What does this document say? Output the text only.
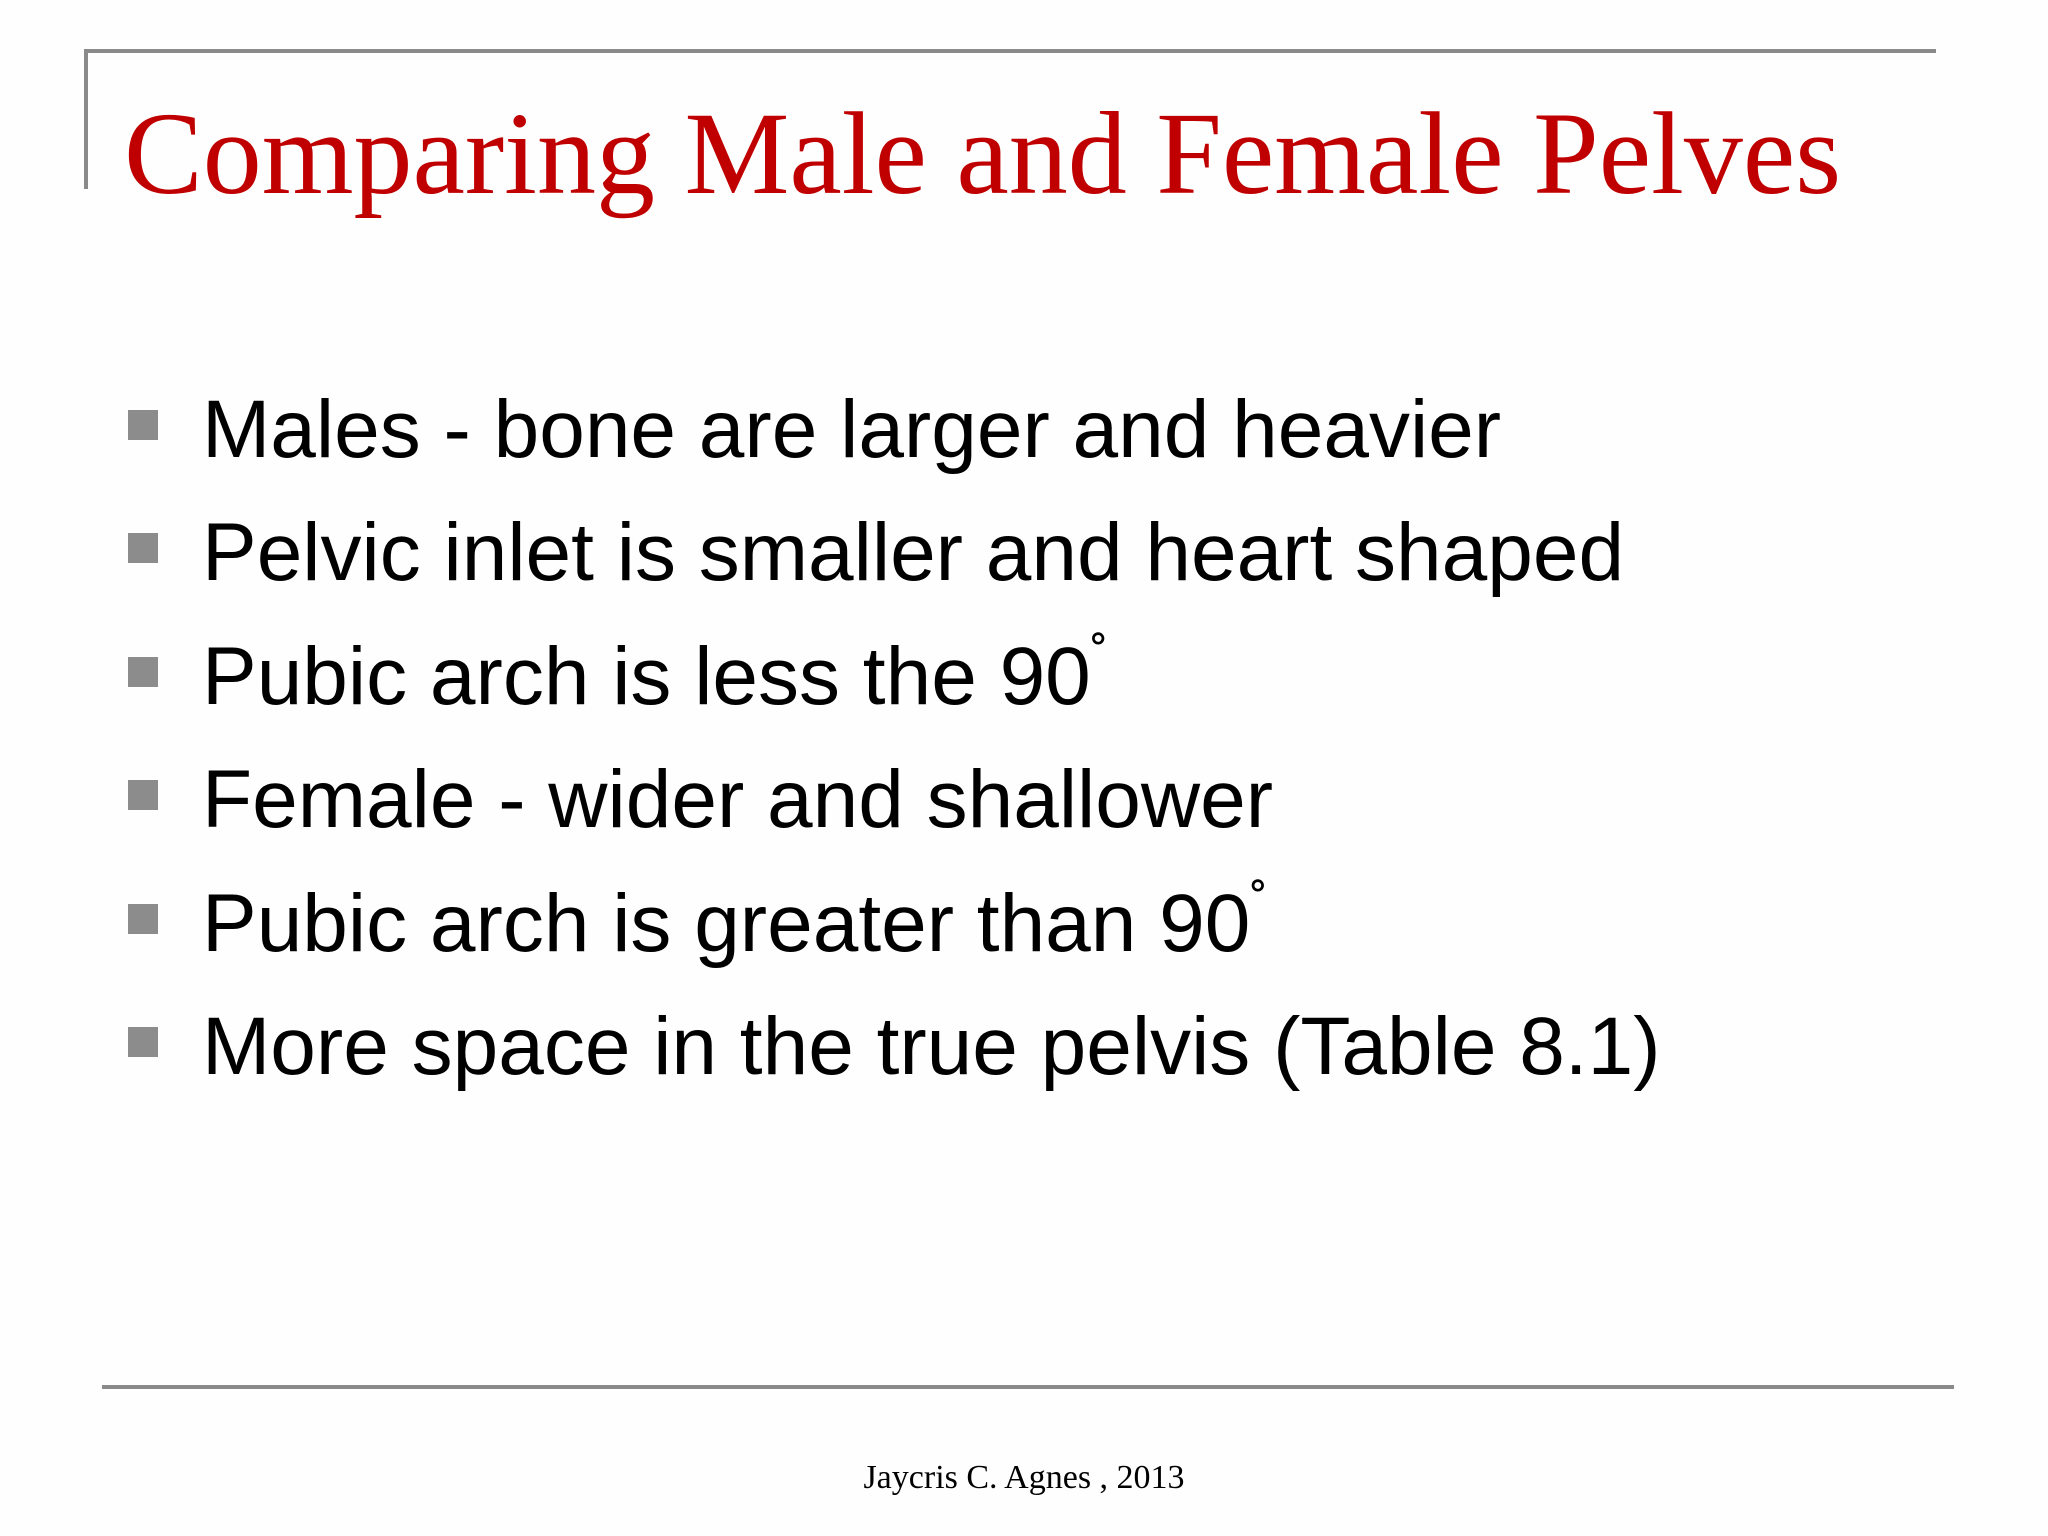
Comparing Male and Female Pelves
Males - bone are larger and heavier
Pelvic inlet is smaller and heart shaped
Pubic arch is less the 90˚
Female - wider and shallower
Pubic arch is greater than 90˚
More space in the true pelvis (Table 8.1)
Jaycris C. Agnes , 2013
